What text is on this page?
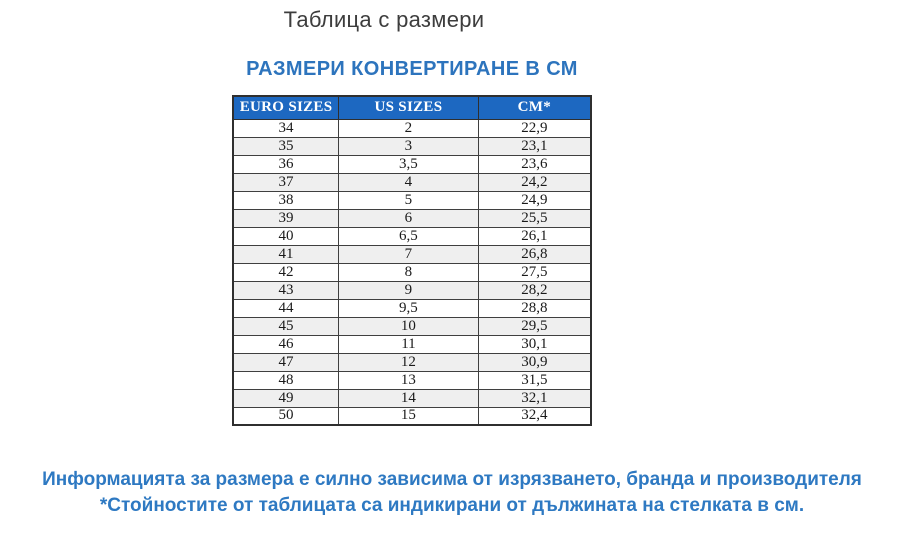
Таблица с размери
РАЗМЕРИ КОНВЕРТИРАНЕ В СМ
EURO SIZES	US SIZES	CM*
34	2	22,9
35	3	23,1
36	3,5	23,6
37	4	24,2
38	5	24,9
39	6	25,5
40	6,5	26,1
41	7	26,8
42	8	27,5
43	9	28,2
44	9,5	28,8
45	10	29,5
46	11	30,1
47	12	30,9
48	13	31,5
49	14	32,1
50	15	32,4

Информацията за размера е силно зависима от изрязването, бранда и производителя

*Стойностите от таблицата са индикирани от дължината на стелката в см.
